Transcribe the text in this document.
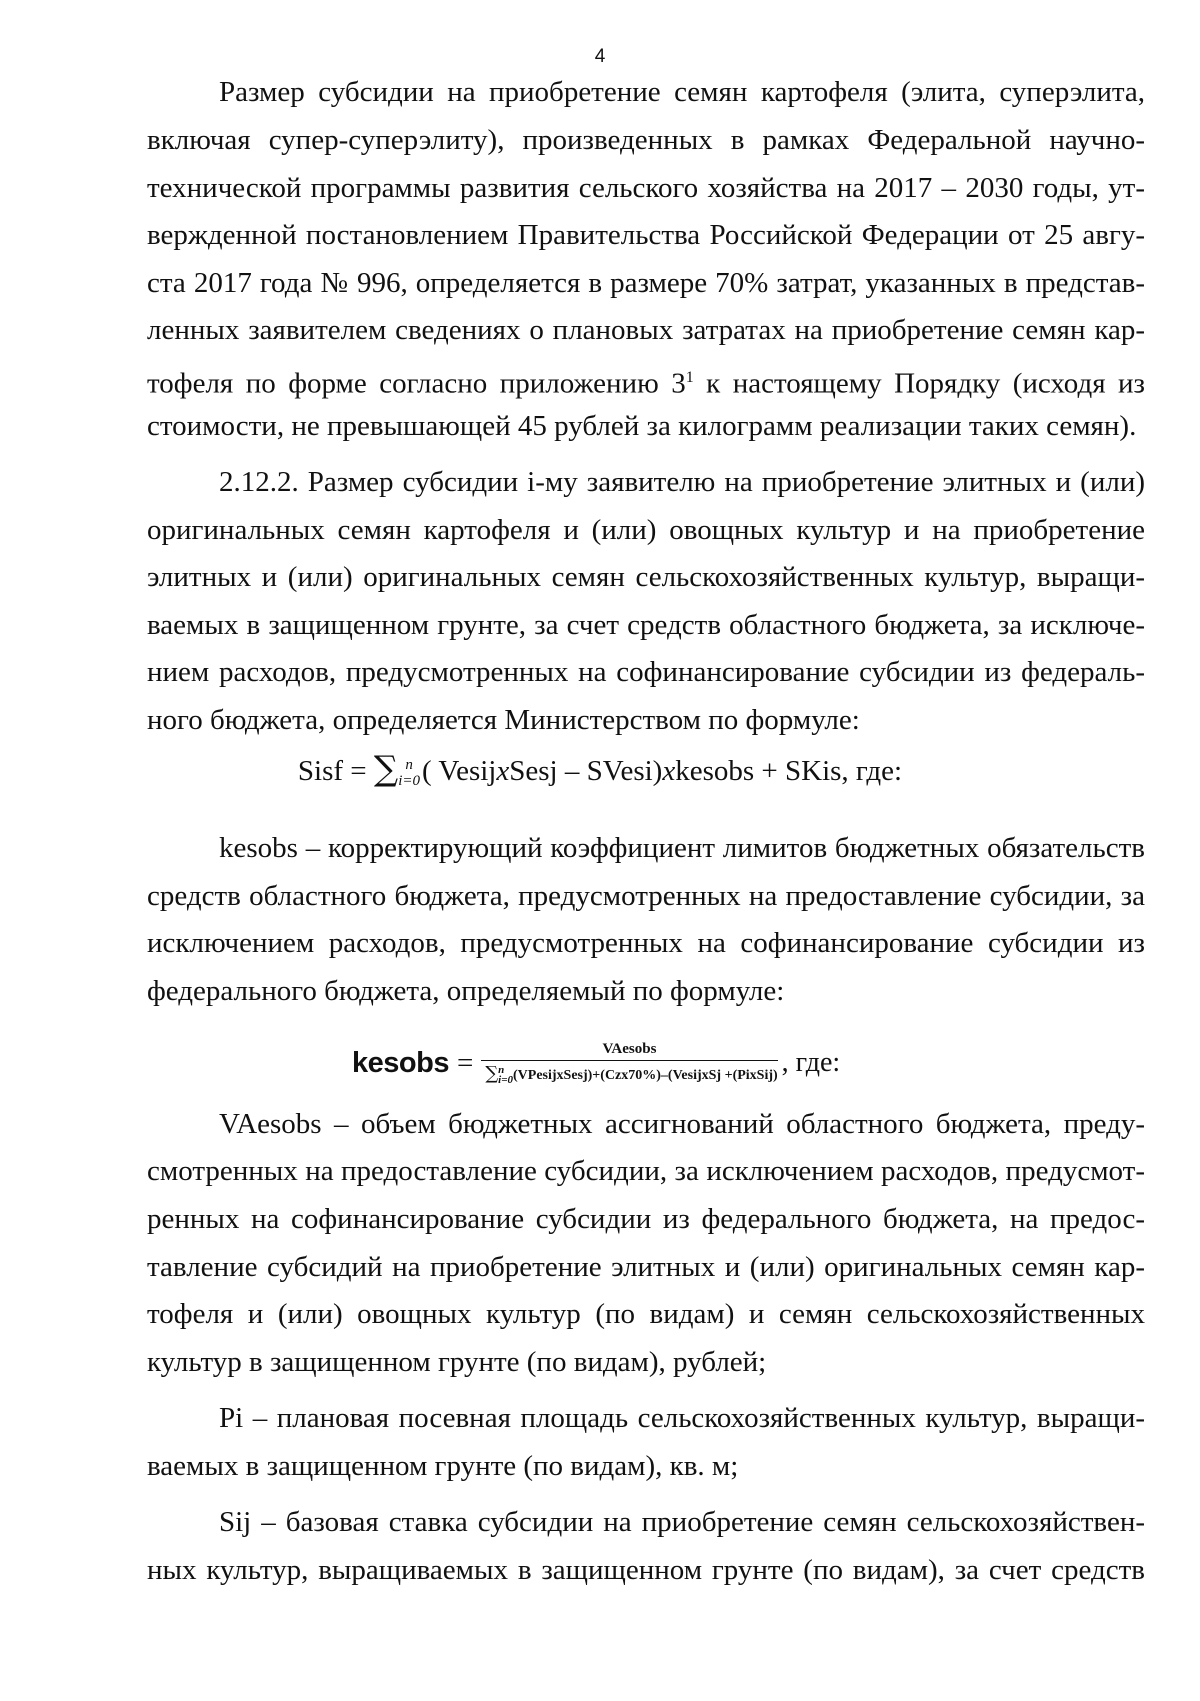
4
Размер субсидии на приобретение семян картофеля (элита, суперэлита,
включая супер-суперэлиту), произведенных в рамках Федеральной научно-
технической программы развития сельского хозяйства на 2017 – 2030 годы, ут-
вержденной постановлением Правительства Российской Федерации от 25 авгу-
ста 2017 года № 996, определяется в размере 70% затрат, указанных в представ-
ленных заявителем сведениях о плановых затратах на приобретение семян кар-
тофеля по форме согласно приложению $3^1$ к настоящему Порядку (исходя из
стоимости, не превышающей 45 рублей за килограмм реализации таких семян).
2.12.2. Размер субсидии i-му заявителю на приобретение элитных и (или)
оригинальных семян картофеля и (или) овощных культур и на приобретение
элитных и (или) оригинальных семян сельскохозяйственных культур, выращи-
ваемых в защищенном грунте, за счет средств областного бюджета, за исключе-
нием расходов, предусмотренных на софинансирование субсидии из федераль-
ного бюджета, определяется Министерством по формуле:
Sisf = ∑ n
i=0 ( VesijxSesj – SVesi)xkesobs + SKis, где:
kesobs – корректирующий коэффициент лимитов бюджетных обязательств
средств областного бюджета, предусмотренных на предоставление субсидии, за
исключением расходов, предусмотренных на софинансирование субсидии из
федерального бюджета, определяемый по формуле:
kesobs = VAesobs
∑ n
i=0 (VPesijxSesj)+(Czx70%)–(VesijxSj +(PixSij) , где:
VAesobs – объем бюджетных ассигнований областного бюджета, преду-
смотренных на предоставление субсидии, за исключением расходов, предусмот-
ренных на софинансирование субсидии из федерального бюджета, на предос-
тавление субсидий на приобретение элитных и (или) оригинальных семян кар-
тофеля и (или) овощных культур (по видам) и семян сельскохозяйственных
культур в защищенном грунте (по видам), рублей;
Pi – плановая посевная площадь сельскохозяйственных культур, выращи-
ваемых в защищенном грунте (по видам), кв. м;
Sij – базовая ставка субсидии на приобретение семян сельскохозяйствен-
ных культур, выращиваемых в защищенном грунте (по видам), за счет средств
